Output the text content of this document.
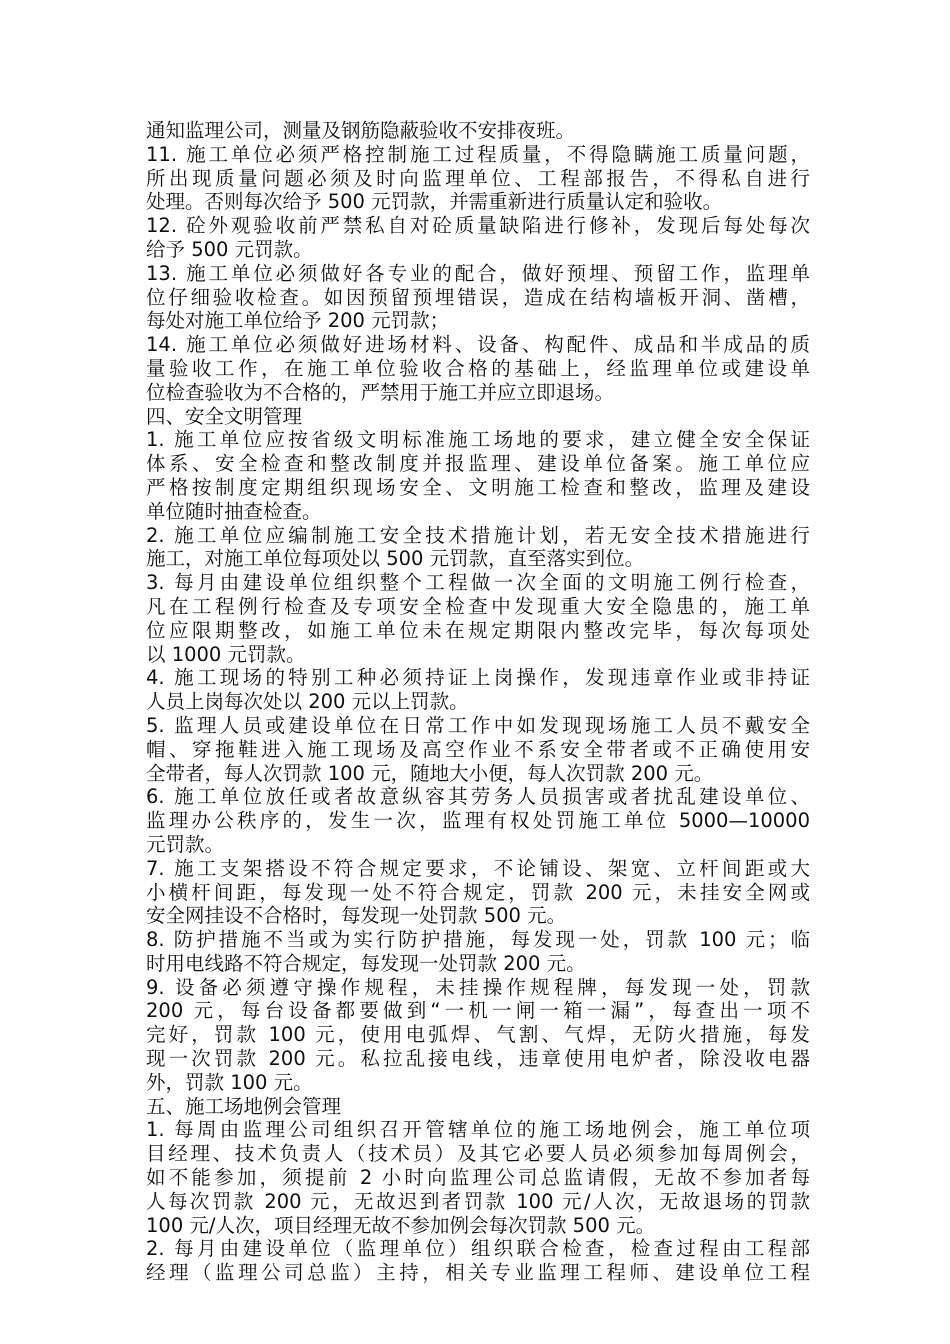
通知监理公司，测量及钢筋隐蔽验收不安排夜班。
11. 施工单位必须严格控制施工过程质量，不得隐瞒施工质量问题，
所出现质量问题必须及时向监理单位、工程部报告，不得私自进行
处理。否则每次给予 500 元罚款，并需重新进行质量认定和验收。
12. 砼外观验收前严禁私自对砼质量缺陷进行修补，发现后每处每次
给予 500 元罚款。
13. 施工单位必须做好各专业的配合，做好预埋、预留工作，监理单
位仔细验收检查。如因预留预埋错误，造成在结构墙板开洞、凿槽，
每处对施工单位给予 200 元罚款；
14. 施工单位必须做好进场材料、设备、构配件、成品和半成品的质
量验收工作，在施工单位验收合格的基础上，经监理单位或建设单
位检查验收为不合格的，严禁用于施工并应立即退场。
四、安全文明管理
1. 施工单位应按省级文明标准施工场地的要求，建立健全安全保证
体系、安全检查和整改制度并报监理、建设单位备案。施工单位应
严格按制度定期组织现场安全、文明施工检查和整改，监理及建设
单位随时抽查检查。
2. 施工单位应编制施工安全技术措施计划，若无安全技术措施进行
施工，对施工单位每项处以 500 元罚款，直至落实到位。
3. 每月由建设单位组织整个工程做一次全面的文明施工例行检查，
凡在工程例行检查及专项安全检查中发现重大安全隐患的，施工单
位应限期整改，如施工单位未在规定期限内整改完毕，每次每项处
以 1000 元罚款。
4. 施工现场的特别工种必须持证上岗操作，发现违章作业或非持证
人员上岗每次处以 200 元以上罚款。
5. 监理人员或建设单位在日常工作中如发现现场施工人员不戴安全
帽、穿拖鞋进入施工现场及高空作业不系安全带者或不正确使用安
全带者，每人次罚款 100 元，随地大小便，每人次罚款 200 元。
6. 施工单位放任或者故意纵容其劳务人员损害或者扰乱建设单位、
监理办公秩序的，发生一次，监理有权处罚施工单位 5000—10000
元罚款。
7. 施工支架搭设不符合规定要求，不论铺设、架宽、立杆间距或大
小横杆间距，每发现一处不符合规定，罚款 200 元，未挂安全网或
安全网挂设不合格时，每发现一处罚款 500 元。
8. 防护措施不当或为实行防护措施，每发现一处，罚款 100 元；临
时用电线路不符合规定，每发现一处罚款 200 元。
9. 设备必须遵守操作规程，未挂操作规程牌，每发现一处，罚款
200 元，每台设备都要做到“一机一闸一箱一漏”，每查出一项不
完好，罚款 100 元，使用电弧焊、气割、气焊，无防火措施，每发
现一次罚款 200 元。私拉乱接电线，违章使用电炉者，除没收电器
外，罚款 100 元。
五、施工场地例会管理
1. 每周由监理公司组织召开管辖单位的施工场地例会，施工单位项
目经理、技术负责人（技术员）及其它必要人员必须参加每周例会，
如不能参加，须提前 2 小时向监理公司总监请假，无故不参加者每
人每次罚款 200 元，无故迟到者罚款 100 元/人次，无故退场的罚款
100 元/人次，项目经理无故不参加例会每次罚款 500 元。
2. 每月由建设单位（监理单位）组织联合检查，检查过程由工程部
经理（监理公司总监）主持，相关专业监理工程师、建设单位工程
